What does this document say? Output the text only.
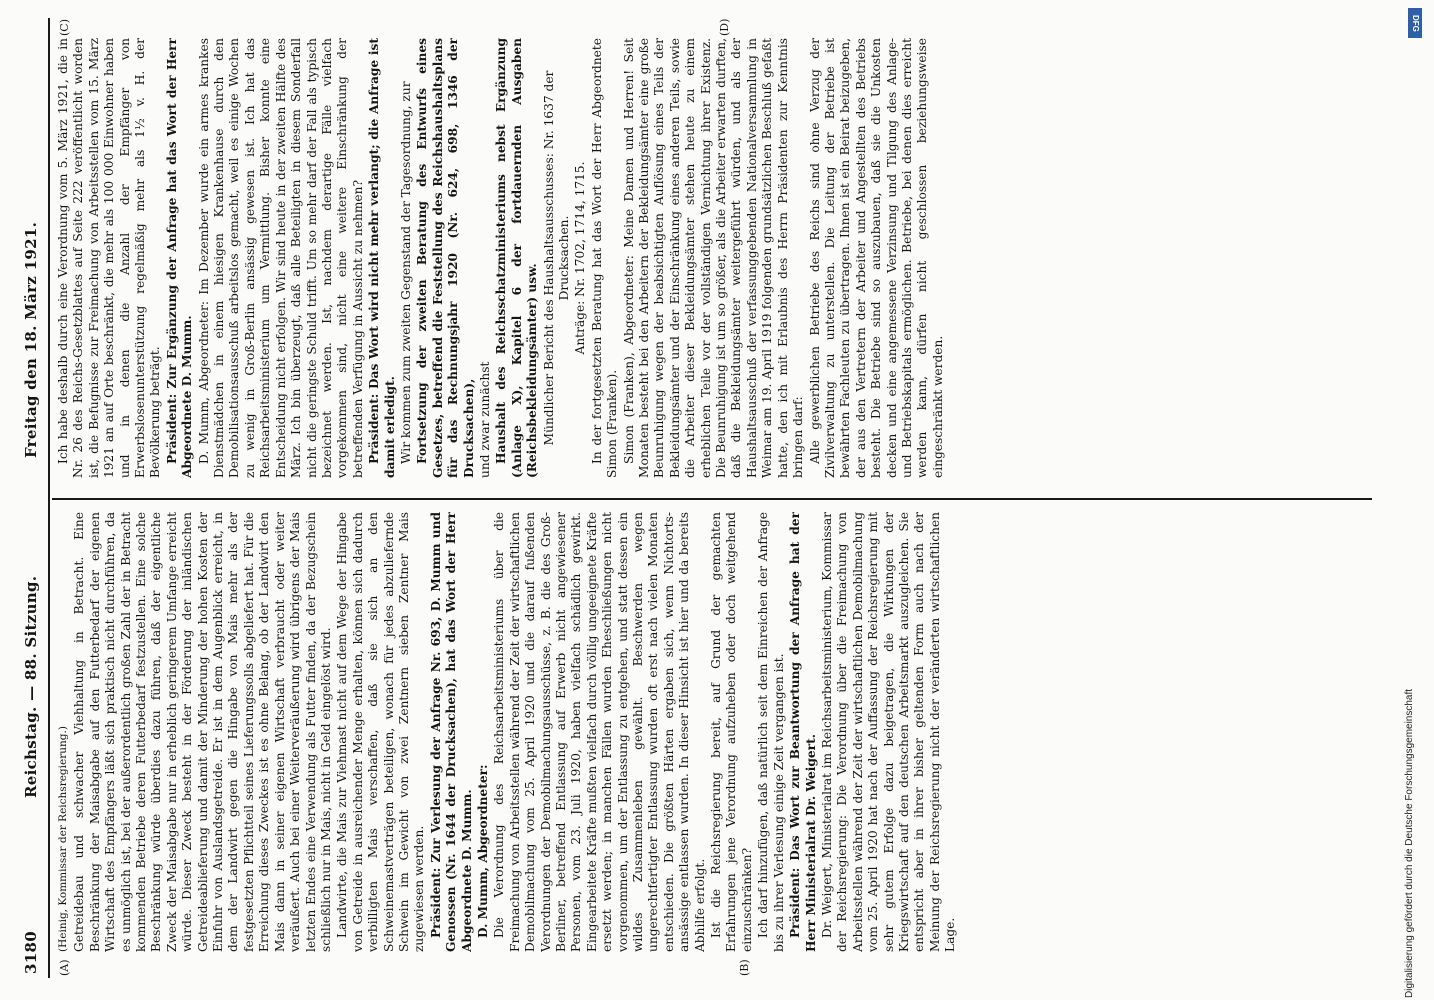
3180
Reichstag. — 88. Sitzung.
Freitag den 18. März 1921.
(A)	(B)
(C)	(D)

(Heinig, Kommissar der Reichsregierung.) Getreidebau und schwacher Viehhaltung in Betracht. Eine Beschränkung der Maisabgabe auf den Futterbedarf der eigenen Wirtschaft des Empfängers läßt sich praktisch nicht durchführen, da es unmöglich ist, bei der außerordentlich großen Zahl der in Betracht kommenden Betriebe deren Futterbedarf festzustellen. Eine solche Beschränkung würde überdies dazu führen, daß der eigentliche Zweck der Maisabgabe nur in erheblich geringerem Umfange erreicht würde. Dieser Zweck besteht in der Förderung der inländischen Getreideablieferung und damit der Minderung der hohen Kosten der Einfuhr von Auslandsgetreide. Er ist in dem Augenblick erreicht, in dem der Landwirt gegen die Hingabe von Mais mehr als der festgesetzten Pflichtteil seines Lieferungssolls abgeliefert hat. Für die Erreichung dieses Zweckes ist es ohne Belang, ob der Landwirt den Mais dann in seiner eigenen Wirtschaft verbraucht oder weiter veräußert. Auch bei einer Weiterveräußerung wird übrigens der Mais letzten Endes eine Verwendung als Futter finden, da der Bezugschein schließlich nur in Mais, nicht in Geld eingelöst wird. Landwirte, die Mais zur Viehmast nicht auf dem Wege der Hingabe von Getreide in ausreichender Menge erhalten, können sich dadurch verbilligten Mais verschaffen, daß sie sich an den Schweinemastverträgen beteiligen, wonach für jedes abzuliefernde Schwein im Gewicht von zwei Zentnern sieben Zentner Mais zugewiesen werden. Präsident: Zur Verlesung der Anfrage Nr. 693, D. Mumm und Genossen (Nr. 1644 der Drucksachen), hat das Wort der Herr Abgeordnete D. Mumm. D. Mumm, Abgeordneter: Die Verordnung des Reichsarbeitsministeriums über die Freimachung von Arbeitsstellen während der Zeit der wirtschaftlichen Demobilmachung vom 25. April 1920 und die darauf fußenden Verordnungen der Demobilmachungsausschüsse, z. B. die des Groß-Berliner, betreffend Entlassung auf Erwerb nicht angewiesener Personen, vom 23. Juli 1920, haben vielfach schädlich gewirkt. Eingearbeitete Kräfte mußten vielfach durch völlig ungeeignete Kräfte ersetzt werden; in manchen Fällen wurden Eheschließungen nicht vorgenommen, um der Entlassung zu entgehen, und statt dessen ein wildes Zusammenleben gewählt. Beschwerden wegen ungerechtfertigter Entlassung wurden oft erst nach vielen Monaten entschieden. Die größten Härten ergaben sich, wenn Nichtortsansässige entlassen wurden. In dieser Hinsicht ist hier und da bereits Abhilfe erfolgt. Ist die Reichsregierung bereit, auf Grund der gemachten Erfahrungen jene Verordnung aufzuheben oder doch weitgehend einzuschränken? Ich darf hinzufügen, daß natürlich seit dem Einreichen der Anfrage bis zu ihrer Verlesung einige Zeit vergangen ist. Präsident: Das Wort zur Beantwortung der Anfrage hat der Herr Ministerialrat Dr. Weigert. Dr. Weigert, Ministerialrat im Reichsarbeitsministerium, Kommissar der Reichsregierung: Die Verordnung über die Freimachung von Arbeitsstellen während der Zeit der wirtschaftlichen Demobilmachung vom 25. April 1920 hat nach der Auffassung der Reichsregierung mit sehr gutem Erfolge dazu beigetragen, die Wirkungen der Kriegswirtschaft auf den deutschen Arbeitsmarkt auszugleichen. Sie entspricht aber in ihrer bisher geltenden Form auch nach der Meinung der Reichsregierung nicht der veränderten wirtschaftlichen Lage.

Ich habe deshalb durch eine Verordnung vom 5. März 1921, die in Nr. 26 des Reichs-Gesetzblattes auf Seite 222 veröffentlicht worden ist, die Befugnisse zur Freimachung von Arbeitsstellen vom 15. März 1921 an auf Orte beschränkt, die mehr als 100 000 Einwohner haben und in denen die Anzahl der Empfänger von Erwerbslosenunterstützung regelmäßig mehr als 1½ v. H. der Bevölkerung beträgt. Präsident: Zur Ergänzung der Anfrage hat das Wort der Herr Abgeordnete D. Mumm. D. Mumm, Abgeordneter: Im Dezember wurde ein armes krankes Dienstmädchen in einem hiesigen Krankenhause durch den Demobilisationsausschuß arbeitslos gemacht, weil es einige Wochen zu wenig in Groß-Berlin ansässig gewesen ist. Ich hat das Reichsarbeitsministerium um Vermittlung. Bisher konnte eine Entscheidung nicht erfolgen. Wir sind heute in der zweiten Hälfte des März. Ich bin überzeugt, daß alle Beteiligten in diesem Sonderfall nicht die geringste Schuld trifft. Um so mehr darf der Fall als typisch bezeichnet werden. Ist, nachdem derartige Fälle vielfach vorgekommen sind, nicht eine weitere Einschränkung der betreffenden Verfügung in Aussicht zu nehmen? Präsident: Das Wort wird nicht mehr verlangt; die Anfrage ist damit erledigt. Wir kommen zum zweiten Gegenstand der Tagesordnung, zur Fortsetzung der zweiten Beratung des Entwurfs eines Gesetzes, betreffend die Feststellung des Reichshaushaltsplans für das Rechnungsjahr 1920 (Nr. 624, 698, 1346 der Drucksachen), und zwar zunächst Haushalt des Reichsschatzministeriums nebst Ergänzung (Anlage X), Kapitel 6 der fortdauernden Ausgaben (Reichsbekleidungsämter) usw. Mündlicher Bericht des Haushaltsausschusses: Nr. 1637 der Drucksachen. Anträge: Nr. 1702, 1714, 1715. In der fortgesetzten Beratung hat das Wort der Herr Abgeordnete Simon (Franken). Simon (Franken), Abgeordneter: Meine Damen und Herren! Seit Monaten besteht bei den Arbeitern der Bekleidungsämter eine große Beunruhigung wegen der beabsichtigten Auflösung eines Teils der Bekleidungsämter und der Einschränkung eines anderen Teils, sowie die Arbeiter dieser Bekleidungsämter stehen heute zu einem erheblichen Teile vor der vollständigen Vernichtung ihrer Existenz. Die Beunruhigung ist um so größer, als die Arbeiter erwarten durften, daß die Bekleidungsämter weitergeführt würden, und als der Haushaltsausschuß der verfassunggebenden Nationalversammlung in Weimar am 19. April 1919 folgenden grundsätzlichen Beschluß gefaßt hatte, den ich mit Erlaubnis des Herrn Präsidenten zur Kenntnis bringen darf: Alle gewerblichen Betriebe des Reichs sind ohne Verzug der Zivilverwaltung zu unterstellen. Die Leitung der Betriebe ist bewährten Fachleuten zu übertragen. Ihnen ist ein Beirat beizugeben, der aus den Vertretern der Arbeiter und Angestellten des Betriebs besteht. Die Betriebe sind so auszubauen, daß sie die Unkosten decken und eine angemessene Verzinsung und Tilgung des Anlage- und Betriebskapitals ermöglichen. Betriebe, bei denen dies erreicht werden kann, dürfen nicht geschlossen beziehungsweise eingeschränkt werden.

DFG
Digitalisierung gefördert durch die Deutsche Forschungsgemeinschaft
